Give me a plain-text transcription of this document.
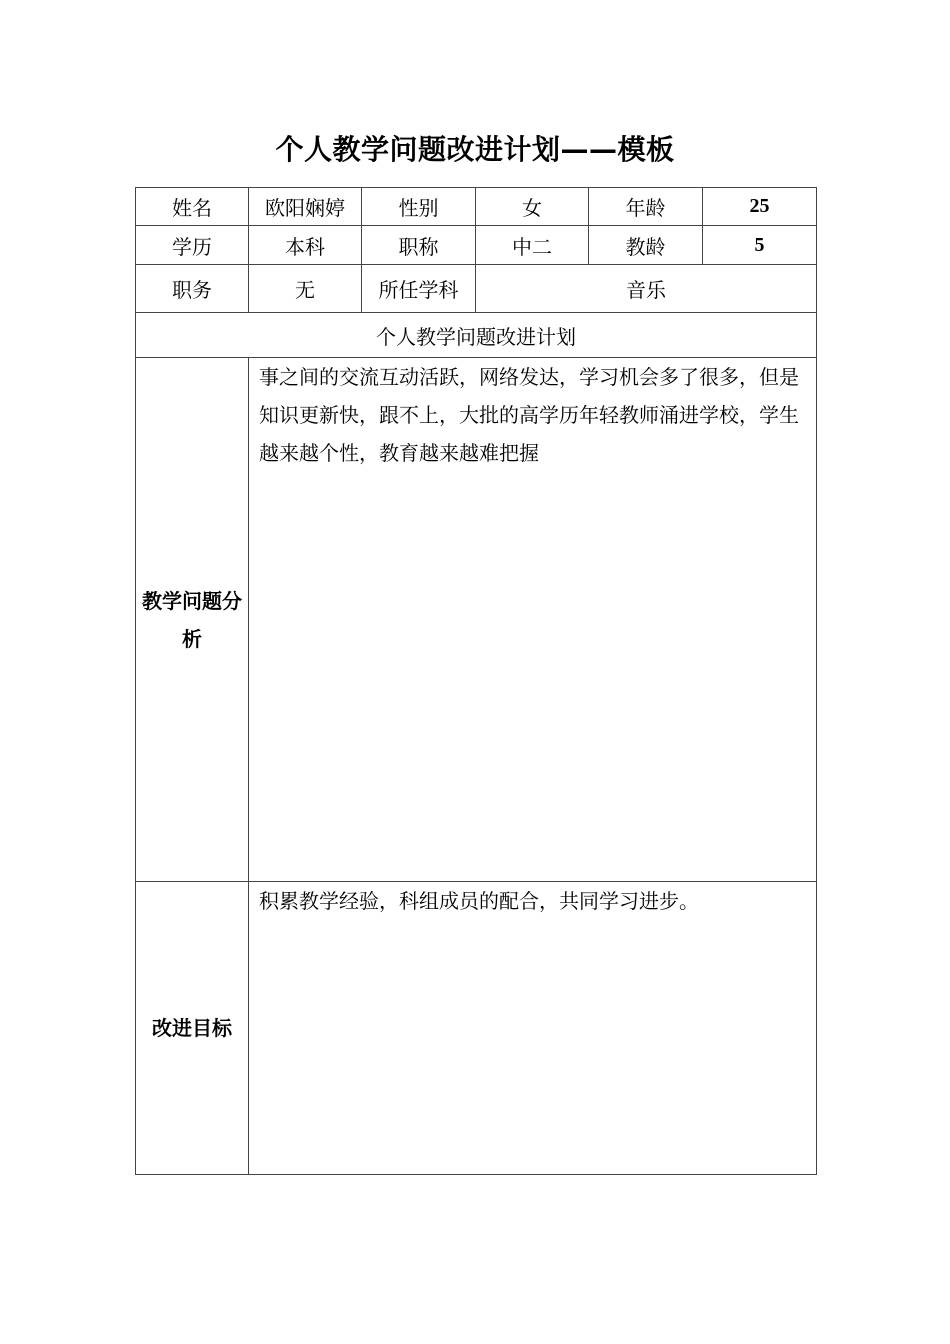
个人教学问题改进计划——模板
姓名	欧阳娴婷	性别	女	年龄	25
学历	本科	职称	中二	教龄	5
职务	无	所任学科	音乐		
个人教学问题改进计划					
教学问题分
析	事之间的交流互动活跃，网络发达，学习机会多了很多，但是知识更新快，跟不上，大批的高学历年轻教师涌进学校，学生越来越个性，教育越来越难把握				

改进目标	积累教学经验，科组成员的配合，共同学习进步。				
